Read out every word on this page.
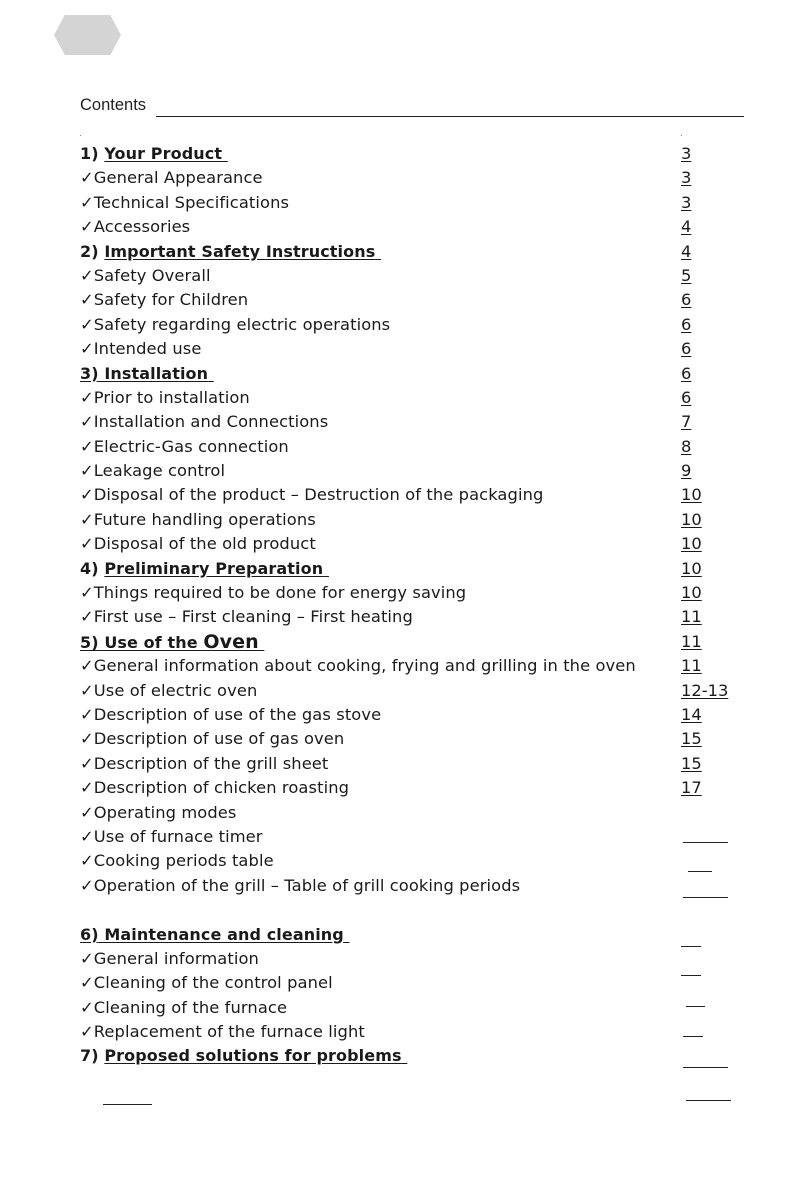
Contents
1) Your Product	3
✓General Appearance	3
✓Technical Specifications	3
✓Accessories	4
2) Important Safety Instructions	4
✓Safety Overall	5
✓Safety for Children	6
✓Safety regarding electric operations	6
✓Intended use	6
3) Installation	6
✓Prior to installation	6
✓Installation and Connections	7
✓Electric-Gas connection	8
✓Leakage control	9
✓Disposal of the product – Destruction of the packaging	10
✓Future handling operations	10
✓Disposal of the old product	10
4) Preliminary Preparation	10
✓Things required to be done for energy saving	10
✓First use – First cleaning – First heating	11
5) Use of the Oven	11
✓General information about cooking, frying and grilling in the oven	11
✓Use of electric oven	12-13
✓Description of use of the gas stove	14
✓Description of use of gas oven	15
✓Description of the grill sheet	15
✓Description of chicken roasting	17
✓Operating modes
✓Use of furnace timer
✓Cooking periods table
✓Operation of the grill – Table of grill cooking periods
6) Maintenance and cleaning
✓General information
✓Cleaning of the control panel
✓Cleaning of the furnace
✓Replacement of the furnace light
7) Proposed solutions for problems
